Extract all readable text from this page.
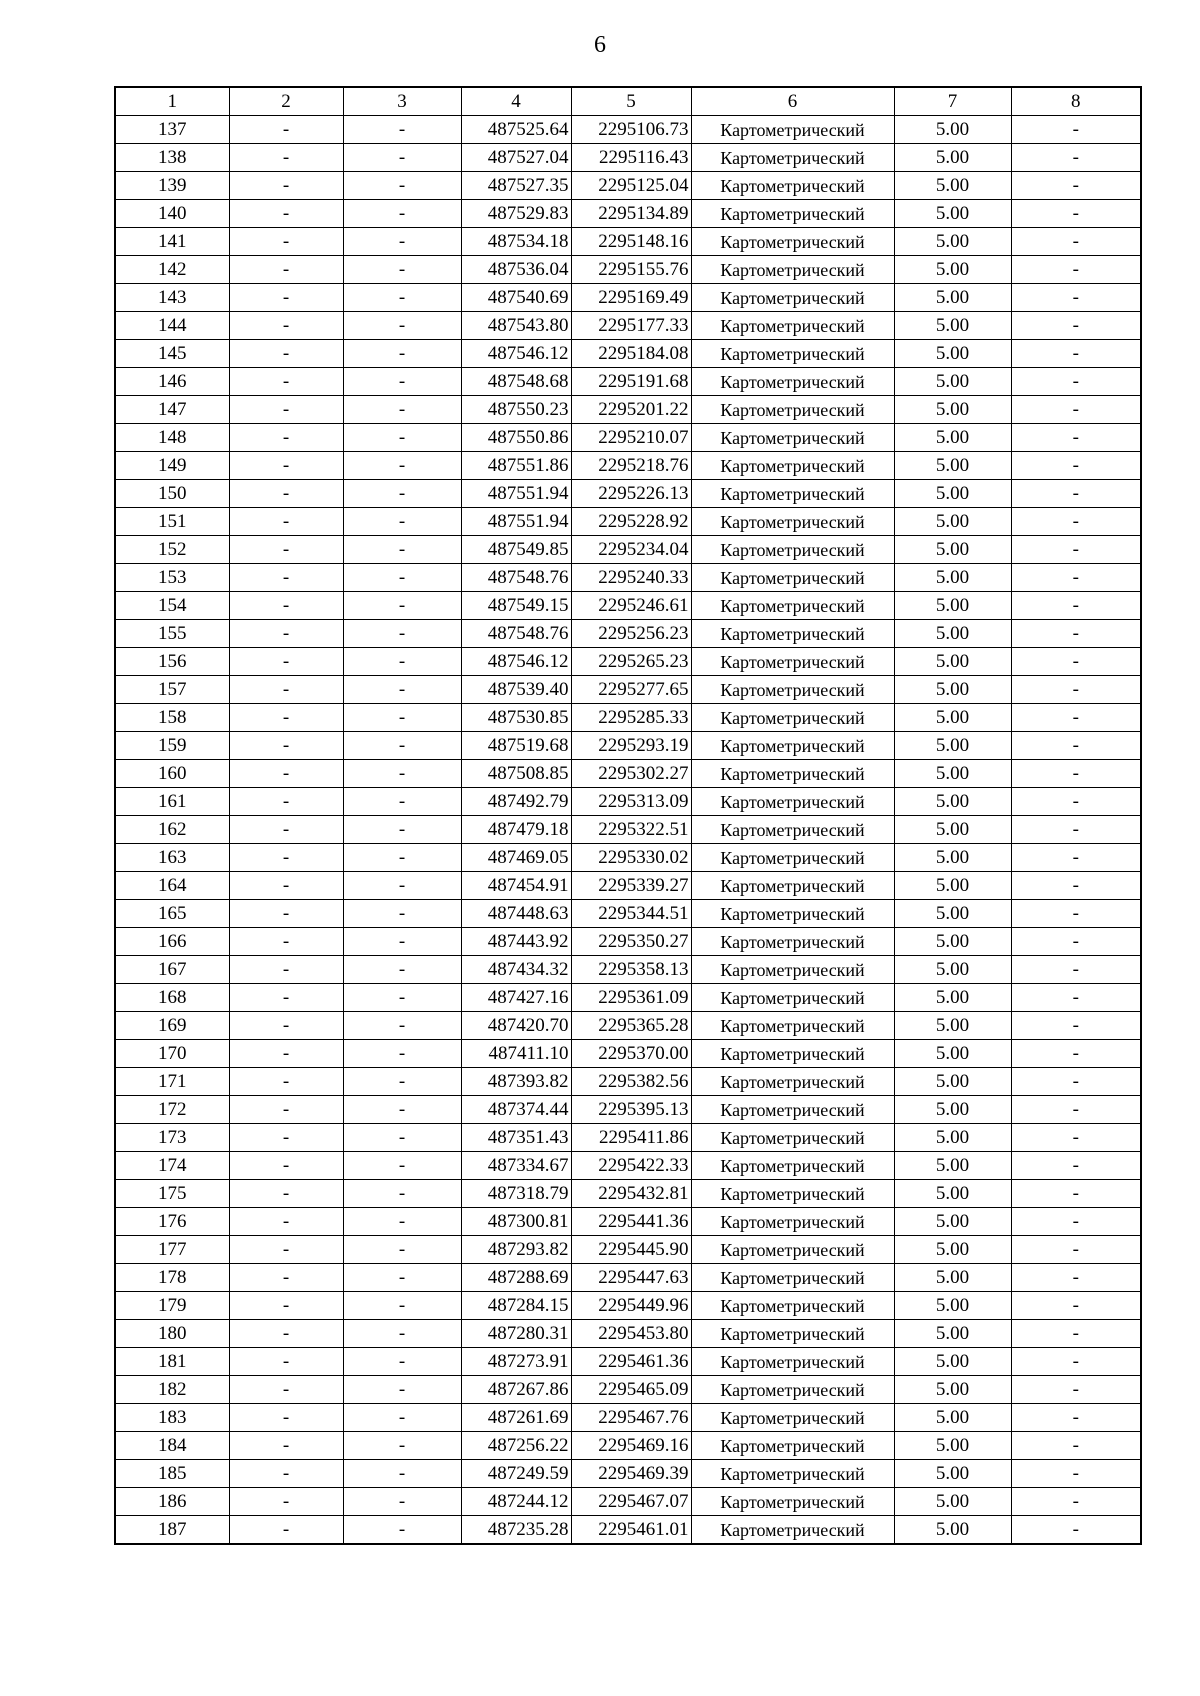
6
1	2	3	4	5	6	7	8
137	-	-	487525.64	2295106.73	Картометрический	5.00	-
138	-	-	487527.04	2295116.43	Картометрический	5.00	-
139	-	-	487527.35	2295125.04	Картометрический	5.00	-
140	-	-	487529.83	2295134.89	Картометрический	5.00	-
141	-	-	487534.18	2295148.16	Картометрический	5.00	-
142	-	-	487536.04	2295155.76	Картометрический	5.00	-
143	-	-	487540.69	2295169.49	Картометрический	5.00	-
144	-	-	487543.80	2295177.33	Картометрический	5.00	-
145	-	-	487546.12	2295184.08	Картометрический	5.00	-
146	-	-	487548.68	2295191.68	Картометрический	5.00	-
147	-	-	487550.23	2295201.22	Картометрический	5.00	-
148	-	-	487550.86	2295210.07	Картометрический	5.00	-
149	-	-	487551.86	2295218.76	Картометрический	5.00	-
150	-	-	487551.94	2295226.13	Картометрический	5.00	-
151	-	-	487551.94	2295228.92	Картометрический	5.00	-
152	-	-	487549.85	2295234.04	Картометрический	5.00	-
153	-	-	487548.76	2295240.33	Картометрический	5.00	-
154	-	-	487549.15	2295246.61	Картометрический	5.00	-
155	-	-	487548.76	2295256.23	Картометрический	5.00	-
156	-	-	487546.12	2295265.23	Картометрический	5.00	-
157	-	-	487539.40	2295277.65	Картометрический	5.00	-
158	-	-	487530.85	2295285.33	Картометрический	5.00	-
159	-	-	487519.68	2295293.19	Картометрический	5.00	-
160	-	-	487508.85	2295302.27	Картометрический	5.00	-
161	-	-	487492.79	2295313.09	Картометрический	5.00	-
162	-	-	487479.18	2295322.51	Картометрический	5.00	-
163	-	-	487469.05	2295330.02	Картометрический	5.00	-
164	-	-	487454.91	2295339.27	Картометрический	5.00	-
165	-	-	487448.63	2295344.51	Картометрический	5.00	-
166	-	-	487443.92	2295350.27	Картометрический	5.00	-
167	-	-	487434.32	2295358.13	Картометрический	5.00	-
168	-	-	487427.16	2295361.09	Картометрический	5.00	-
169	-	-	487420.70	2295365.28	Картометрический	5.00	-
170	-	-	487411.10	2295370.00	Картометрический	5.00	-
171	-	-	487393.82	2295382.56	Картометрический	5.00	-
172	-	-	487374.44	2295395.13	Картометрический	5.00	-
173	-	-	487351.43	2295411.86	Картометрический	5.00	-
174	-	-	487334.67	2295422.33	Картометрический	5.00	-
175	-	-	487318.79	2295432.81	Картометрический	5.00	-
176	-	-	487300.81	2295441.36	Картометрический	5.00	-
177	-	-	487293.82	2295445.90	Картометрический	5.00	-
178	-	-	487288.69	2295447.63	Картометрический	5.00	-
179	-	-	487284.15	2295449.96	Картометрический	5.00	-
180	-	-	487280.31	2295453.80	Картометрический	5.00	-
181	-	-	487273.91	2295461.36	Картометрический	5.00	-
182	-	-	487267.86	2295465.09	Картометрический	5.00	-
183	-	-	487261.69	2295467.76	Картометрический	5.00	-
184	-	-	487256.22	2295469.16	Картометрический	5.00	-
185	-	-	487249.59	2295469.39	Картометрический	5.00	-
186	-	-	487244.12	2295467.07	Картометрический	5.00	-
187	-	-	487235.28	2295461.01	Картометрический	5.00	-
